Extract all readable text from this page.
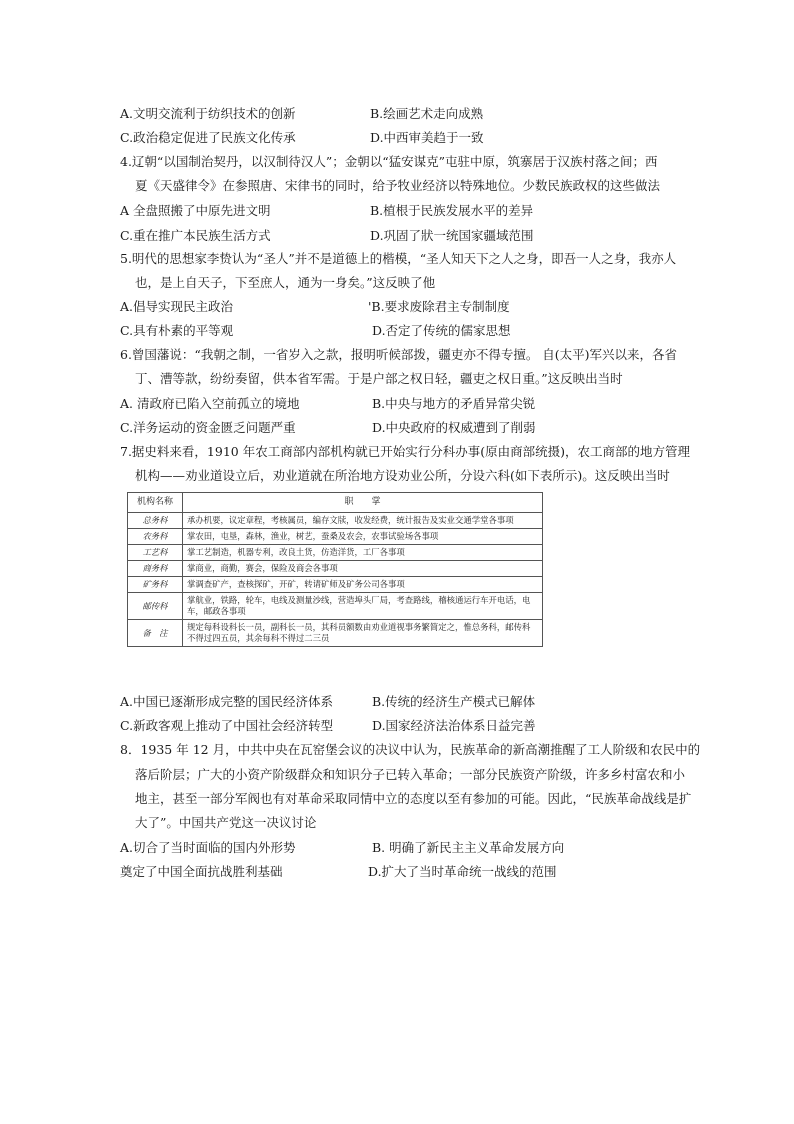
A.文明交流利于纺织技术的创新	B.绘画艺术走向成熟
C.政治稳定促进了民族文化传承	D.中西审美趋于一致
4.辽朝“以国制治契丹，以汉制待汉人”；金朝以“猛安谋克”屯驻中原，筑寨居于汉族村落之间；西
夏《天盛律令》在参照唐、宋律书的同时，给予牧业经济以特殊地位。少数民族政权的这些做法
A 全盘照搬了中原先进文明	B.植根于民族发展水平的差异
C.重在推广本民族生活方式	D.巩固了狀一统国家疆域范围
5.明代的思想家李贽认为“圣人”并不是道德上的楷模，“圣人知天下之人之身，即吾一人之身，我亦人
也，是上自天子，下至庶人，通为一身矣。”这反映了他
A.倡导实现民主政治	'B.要求废除君主专制制度
C.具有朴素的平等观	D.否定了传统的儒家思想
6.曾国藩说：“我朝之制，一省岁入之款，报明听候部拨，疆吏亦不得专擅。 自(太平)军兴以来，各省
丁、漕等款，纷纷奏留，供本省军需。于是户部之权日轻，疆吏之权日重。”这反映出当时
A. 清政府已陷入空前孤立的境地	B.中央与地方的矛盾异常尖锐
C.洋务运动的资金匮乏问题严重	D.中央政府的权威遭到了削弱
7.据史料来看，1910 年农工商部内部机构就已开始实行分科办事(原由商部统摄)，农工商部的地方管理
机构——劝业道设立后，劝业道就在所治地方设劝业公所，分设六科(如下表所示)。这反映出当时
机构名称	职　　掌
总务科	承办机要，议定章程，考核属员，编存文牍，收发经费，统计报告及实业交通学堂各事项
农务科	掌农田，屯垦，森林，渔业，树艺，蚕桑及农会，农事试验场各事项
工艺科	掌工艺制造，机器专利，改良土货，仿造洋货，工厂各事项
商务科	掌商业，商勤，赛会，保险及商会各事项
矿务科	掌调查矿产，查核探矿，开矿，转请矿师及矿务公司各事项
邮传科	掌航业，铁路，轮车，电线及测量沙线，营造埠头厂局，考查路线，稽核通运行车开电话，电车，邮政各事项
备　注	规定每科设科长一员，副科长一员，其科员额数由劝业道视事务繁简定之，惟总务科，邮传科不得过四五员，其余每科不得过二三员
A.中国已逐渐形成完整的国民经济体系	B.传统的经济生产模式已解体
C.新政客观上推动了中国社会经济转型	D.国家经济法治体系日益完善
8．1935 年 12 月，中共中央在瓦窑堡会议的决议中认为，民族革命的新高潮推醒了工人阶级和农民中的
落后阶层；广大的小资产阶级群众和知识分子已转入革命；一部分民族资产阶级，许多乡村富农和小
地主，甚至一部分军阀也有对革命采取同情中立的态度以至有参加的可能。因此，“民族革命战线是扩
大了”。中国共产党这一决议讨论
A.切合了当时面临的国内外形势	B. 明确了新民主主义革命发展方向
奠定了中国全面抗战胜利基础	D.扩大了当时革命统一战线的范围
